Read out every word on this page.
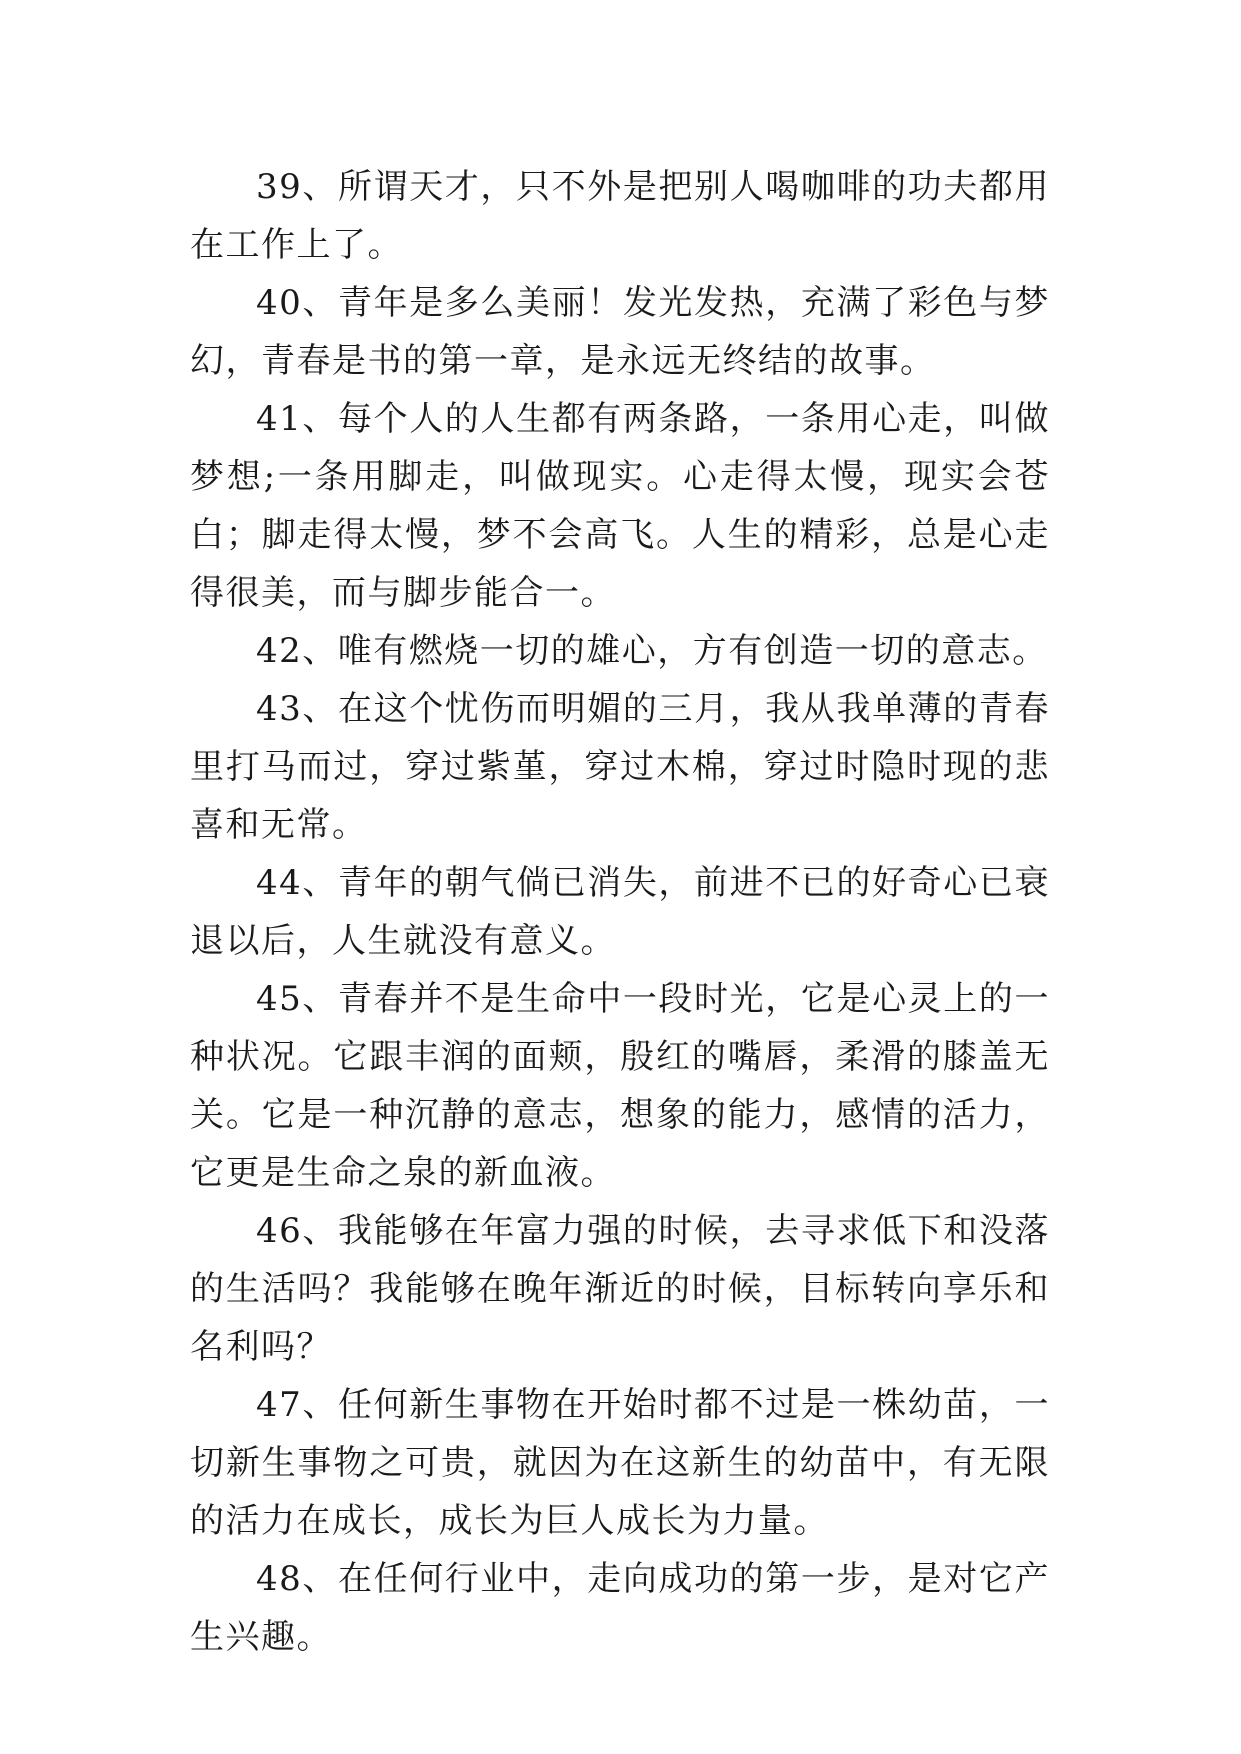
39、所谓天才，只不外是把别人喝咖啡的功夫都用在工作上了。

40、青年是多么美丽！发光发热，充满了彩色与梦幻，青春是书的第一章，是永远无终结的故事。

41、每个人的人生都有两条路，一条用心走，叫做梦想;一条用脚走，叫做现实。心走得太慢，现实会苍白；脚走得太慢，梦不会高飞。人生的精彩，总是心走得很美，而与脚步能合一。

42、唯有燃烧一切的雄心，方有创造一切的意志。

43、在这个忧伤而明媚的三月，我从我单薄的青春里打马而过，穿过紫堇，穿过木棉，穿过时隐时现的悲喜和无常。

44、青年的朝气倘已消失，前进不已的好奇心已衰退以后，人生就没有意义。

45、青春并不是生命中一段时光，它是心灵上的一种状况。它跟丰润的面颊，殷红的嘴唇，柔滑的膝盖无关。它是一种沉静的意志，想象的能力，感情的活力，它更是生命之泉的新血液。

46、我能够在年富力强的时候，去寻求低下和没落的生活吗？我能够在晚年渐近的时候，目标转向享乐和名利吗？

47、任何新生事物在开始时都不过是一株幼苗，一切新生事物之可贵，就因为在这新生的幼苗中，有无限的活力在成长，成长为巨人成长为力量。

48、在任何行业中，走向成功的第一步，是对它产生兴趣。
